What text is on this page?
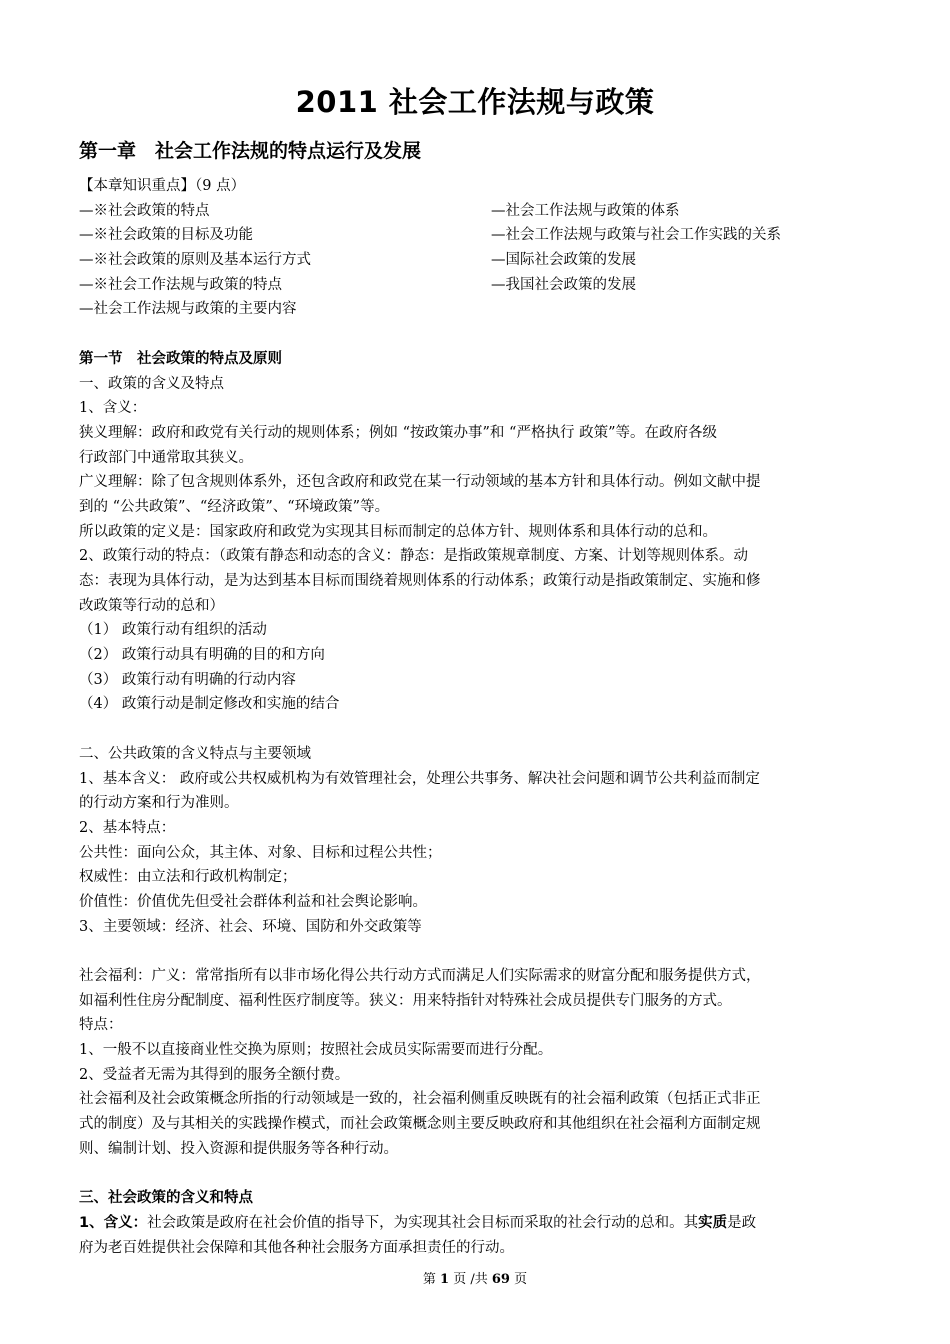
2011 社会工作法规与政策
第一章　社会工作法规的特点运行及发展
【本章知识重点】（9 点）
—※社会政策的特点	—社会工作法规与政策的体系
—※社会政策的目标及功能	—社会工作法规与政策与社会工作实践的关系
—※社会政策的原则及基本运行方式	—国际社会政策的发展
—※社会工作法规与政策的特点	—我国社会政策的发展
—社会工作法规与政策的主要内容
第一节　社会政策的特点及原则
一、政策的含义及特点
1、含义：
狭义理解：政府和政党有关行动的规则体系；例如 “按政策办事”和 “严格执行 政策”等。在政府各级
行政部门中通常取其狭义。
广义理解：除了包含规则体系外，还包含政府和政党在某一行动领域的基本方针和具体行动。例如文献中提
到的 “公共政策”、“经济政策”、“环境政策”等。
所以政策的定义是：国家政府和政党为实现其目标而制定的总体方针、规则体系和具体行动的总和。
2、政策行动的特点：（政策有静态和动态的含义：静态：是指政策规章制度、方案、计划等规则体系。动
态：表现为具体行动，是为达到基本目标而围绕着规则体系的行动体系；政策行动是指政策制定、实施和修
改政策等行动的总和）
（1） 政策行动有组织的活动
（2） 政策行动具有明确的目的和方向
（3） 政策行动有明确的行动内容
（4） 政策行动是制定修改和实施的结合
二、公共政策的含义特点与主要领域
1、基本含义： 政府或公共权威机构为有效管理社会，处理公共事务、解决社会问题和调节公共利益而制定
的行动方案和行为准则。
2、基本特点：
公共性：面向公众，其主体、对象、目标和过程公共性；
权威性：由立法和行政机构制定；
价值性：价值优先但受社会群体利益和社会舆论影响。
3、主要领域：经济、社会、环境、国防和外交政策等
社会福利：广义：常常指所有以非市场化得公共行动方式而满足人们实际需求的财富分配和服务提供方式，
如福利性住房分配制度、福利性医疗制度等。狭义：用来特指针对特殊社会成员提供专门服务的方式。
特点：
1、一般不以直接商业性交换为原则；按照社会成员实际需要而进行分配。
2、受益者无需为其得到的服务全额付费。
社会福利及社会政策概念所指的行动领域是一致的，社会福利侧重反映既有的社会福利政策（包括正式非正
式的制度）及与其相关的实践操作模式，而社会政策概念则主要反映政府和其他组织在社会福利方面制定规
则、编制计划、投入资源和提供服务等各种行动。
三、社会政策的含义和特点
1、含义：社会政策是政府在社会价值的指导下，为实现其社会目标而采取的社会行动的总和。其实质是政
府为老百姓提供社会保障和其他各种社会服务方面承担责任的行动。
第 1 页 /共 69 页
